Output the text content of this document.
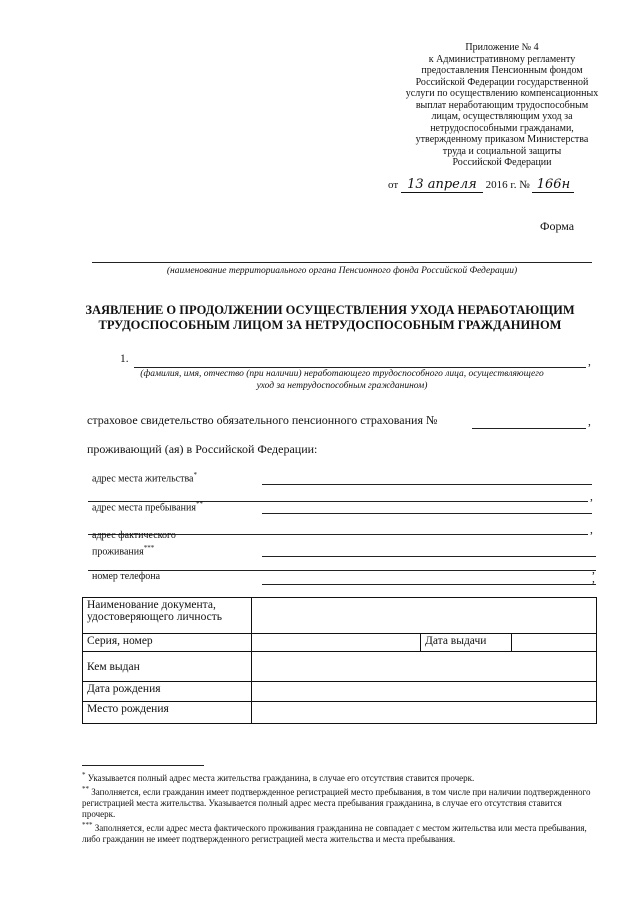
Приложение № 4
к Административному регламенту
предоставления Пенсионным фондом
Российской Федерации государственной
услуги по осуществлению компенсационных
выплат неработающим трудоспособным
лицам, осуществляющим уход за
нетрудоспособными гражданами,
утвержденному приказом Министерства
труда и социальной защиты
Российской Федерации
от 13 апреля 2016 г. № 166н
Форма
(наименование территориального органа Пенсионного фонда Российской Федерации)
ЗАЯВЛЕНИЕ О ПРОДОЛЖЕНИИ ОСУЩЕСТВЛЕНИЯ УХОДА НЕРАБОТАЮЩИМ ТРУДОСПОСОБНЫМ ЛИЦОМ ЗА НЕТРУДОСПОСОБНЫМ ГРАЖДАНИНОМ
1.	,
(фамилия, имя, отчество (при наличии) неработающего трудоспособного лица, осуществляющего
уход за нетрудоспособным гражданином)
страховое свидетельство обязательного пенсионного страхования №	,
проживающий (ая) в Российской Федерации:
адрес места жительства*
,
адрес места пребывания**
,
адрес фактического
проживания***
,
номер телефона	,
Наименование документа, удостоверяющего личность			
Серия, номер		Дата выдачи	
Кем выдан			
Дата рождения			
Место рождения			
* Указывается полный адрес места жительства гражданина, в случае его отсутствия ставится прочерк.
** Заполняется, если гражданин имеет подтвержденное регистрацией место пребывания, в том числе при наличии подтвержденного регистрацией места жительства. Указывается полный адрес места пребывания гражданина, в случае его отсутствия ставится прочерк.
*** Заполняется, если адрес места фактического проживания гражданина не совпадает с местом жительства или места пребывания, либо гражданин не имеет подтвержденного регистрацией места жительства и места пребывания.
